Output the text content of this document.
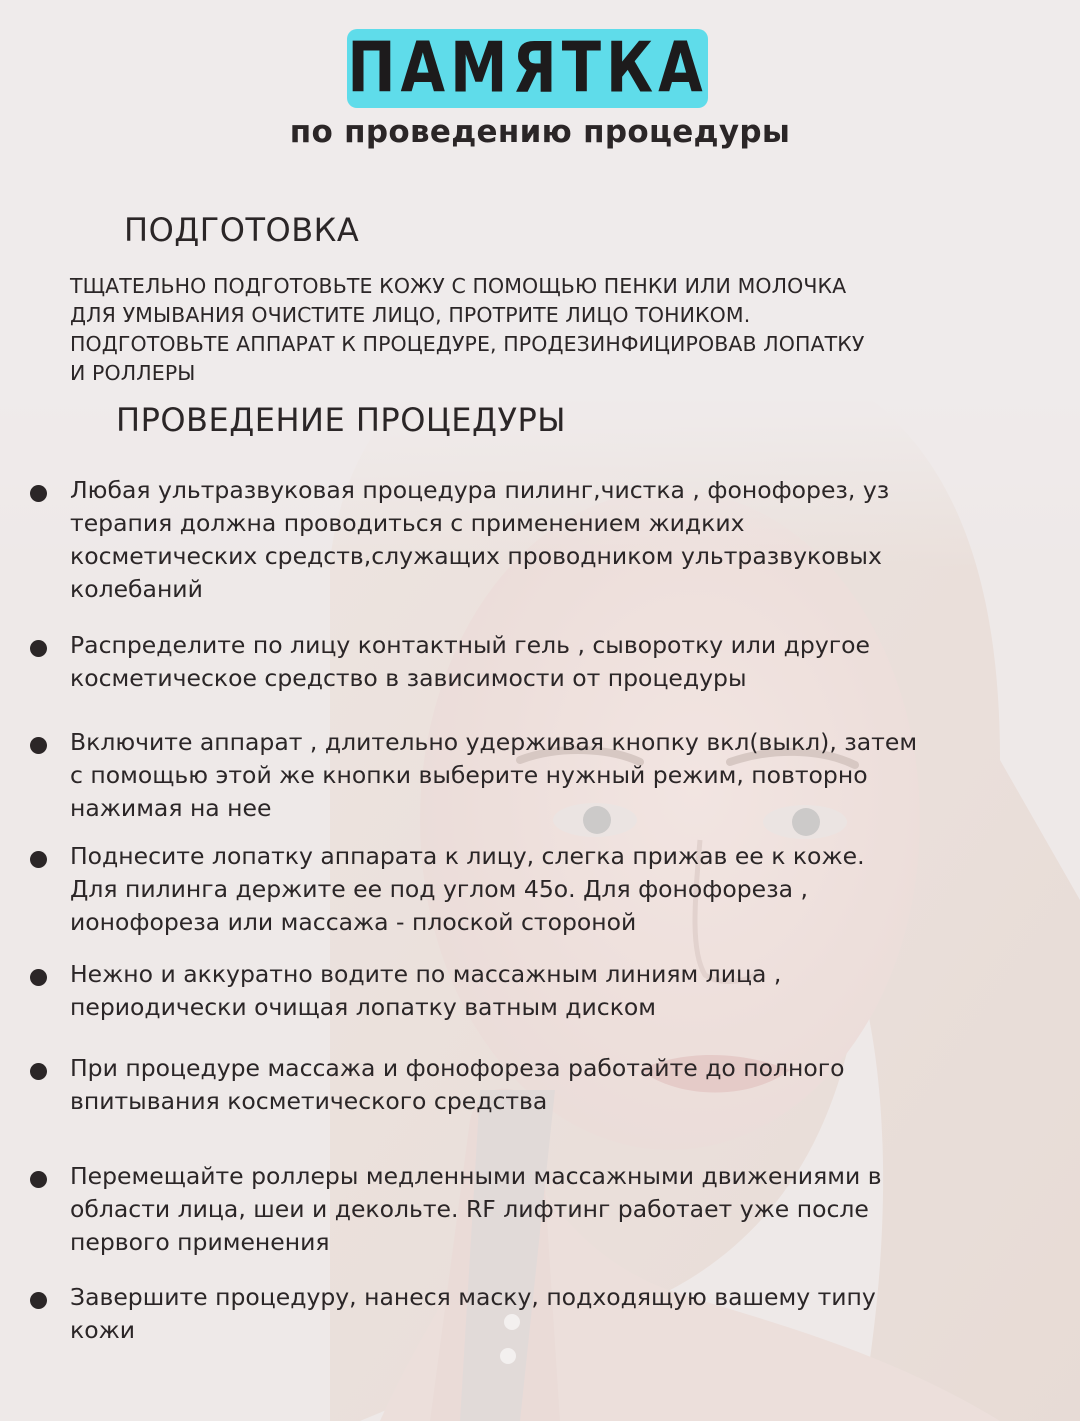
ПАМЯТКА
по проведению процедуры
ПОДГОТОВКА
ТЩАТЕЛЬНО ПОДГОТОВЬТЕ КОЖУ С ПОМОЩЬЮ ПЕНКИ ИЛИ МОЛОЧКА
ДЛЯ УМЫВАНИЯ ОЧИСТИТЕ ЛИЦО, ПРОТРИТЕ ЛИЦО ТОНИКОМ.
ПОДГОТОВЬТЕ АППАРАТ К ПРОЦЕДУРЕ, ПРОДЕЗИНФИЦИРОВАВ ЛОПАТКУ
И РОЛЛЕРЫ
ПРОВЕДЕНИЕ ПРОЦЕДУРЫ
Любая ультразвуковая процедура пилинг,чистка , фонофорез, уз
терапия должна проводиться с применением жидких
косметических средств,служащих проводником ультразвуковых
колебаний
Распределите по лицу контактный гель , сыворотку или другое
косметическое средство в зависимости от процедуры
Включите аппарат , длительно удерживая кнопку вкл(выкл), затем
с помощью этой же кнопки выберите нужный режим, повторно
нажимая на нее
Поднесите лопатку аппарата к лицу, слегка прижав ее к коже.
Для пилинга держите ее под углом 45о. Для фонофореза ,
ионофореза или массажа - плоской стороной
Нежно и аккуратно водите по массажным линиям лица ,
периодически очищая лопатку ватным диском
При процедуре массажа и фонофореза работайте до полного
впитывания косметического средства
Перемещайте роллеры медленными массажными движениями в
области лица, шеи и декольте. RF лифтинг работает уже после
первого применения
Завершите процедуру, нанеся маску, подходящую вашему типу
кожи
